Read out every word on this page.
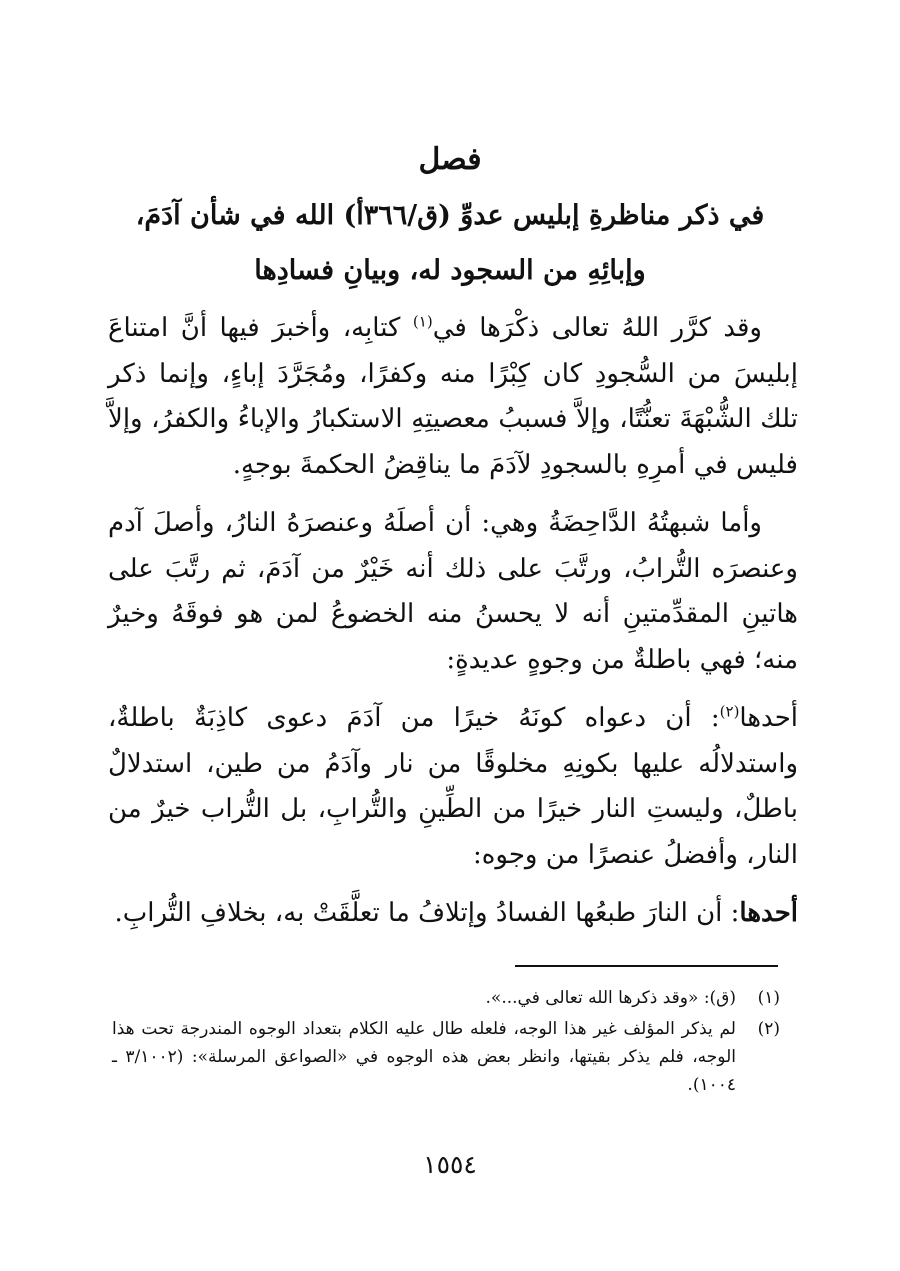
فصل
في ذكر مناظرةِ إبليس عدوِّ (ق/٣٦٦أ) الله في شأن آدَمَ،
وإبائِهِ من السجود له، وبيانِ فسادِها

وقد كرَّر اللهُ تعالى ذكْرَها في$^{(١)}$ كتابِه، وأخبرَ فيها أنَّ امتناعَ إبليسَ من السُّجودِ كان كِبْرًا منه وكفرًا، ومُجَرَّدَ إباءٍ، وإنما ذكر تلك الشُّبْهَةَ تعنُّتًا، وإلاَّ فسببُ معصيتِهِ الاستكبارُ والإباءُ والكفرُ، وإلاَّ فليس في أمرِهِ بالسجودِ لآدَمَ ما يناقِضُ الحكمةَ بوجهٍ.

وأما شبهتُهُ الدَّاحِضَةُ وهي: أن أصلَهُ وعنصرَهُ النارُ، وأصلَ آدم وعنصرَه التُّرابُ، ورتَّبَ على ذلك أنه خَيْرٌ من آدَمَ، ثم رتَّبَ على هاتينِ المقدِّمتينِ أنه لا يحسنُ منه الخضوعُ لمن هو فوقَهُ وخيرٌ منه؛ فهي باطلةٌ من وجوهٍ عديدةٍ:

أحدها$^{(٢)}$: أن دعواه كونَهُ خيرًا من آدَمَ دعوى كاذِبَةٌ باطلةٌ، واستدلالُه عليها بكونِهِ مخلوقًا من نار وآدَمُ من طين، استدلالٌ باطلٌ، وليستِ النار خيرًا من الطِّينِ والتُّرابِ، بل التُّراب خيرٌ من النار، وأفضلُ عنصرًا من وجوه:

أحدها: أن النارَ طبعُها الفسادُ وإتلافُ ما تعلَّقَتْ به، بخلافِ التُّرابِ.

(١)
(ق): «وقد ذكرها الله تعالى في...».
(٢)
لم يذكر المؤلف غير هذا الوجه، فلعله طال عليه الكلام بتعداد الوجوه المندرجة تحت هذا الوجه، فلم يذكر بقيتها، وانظر بعض هذه الوجوه في «الصواعق المرسلة»: (٣/١٠٠٢ ـ ١٠٠٤).
١٥٥٤
